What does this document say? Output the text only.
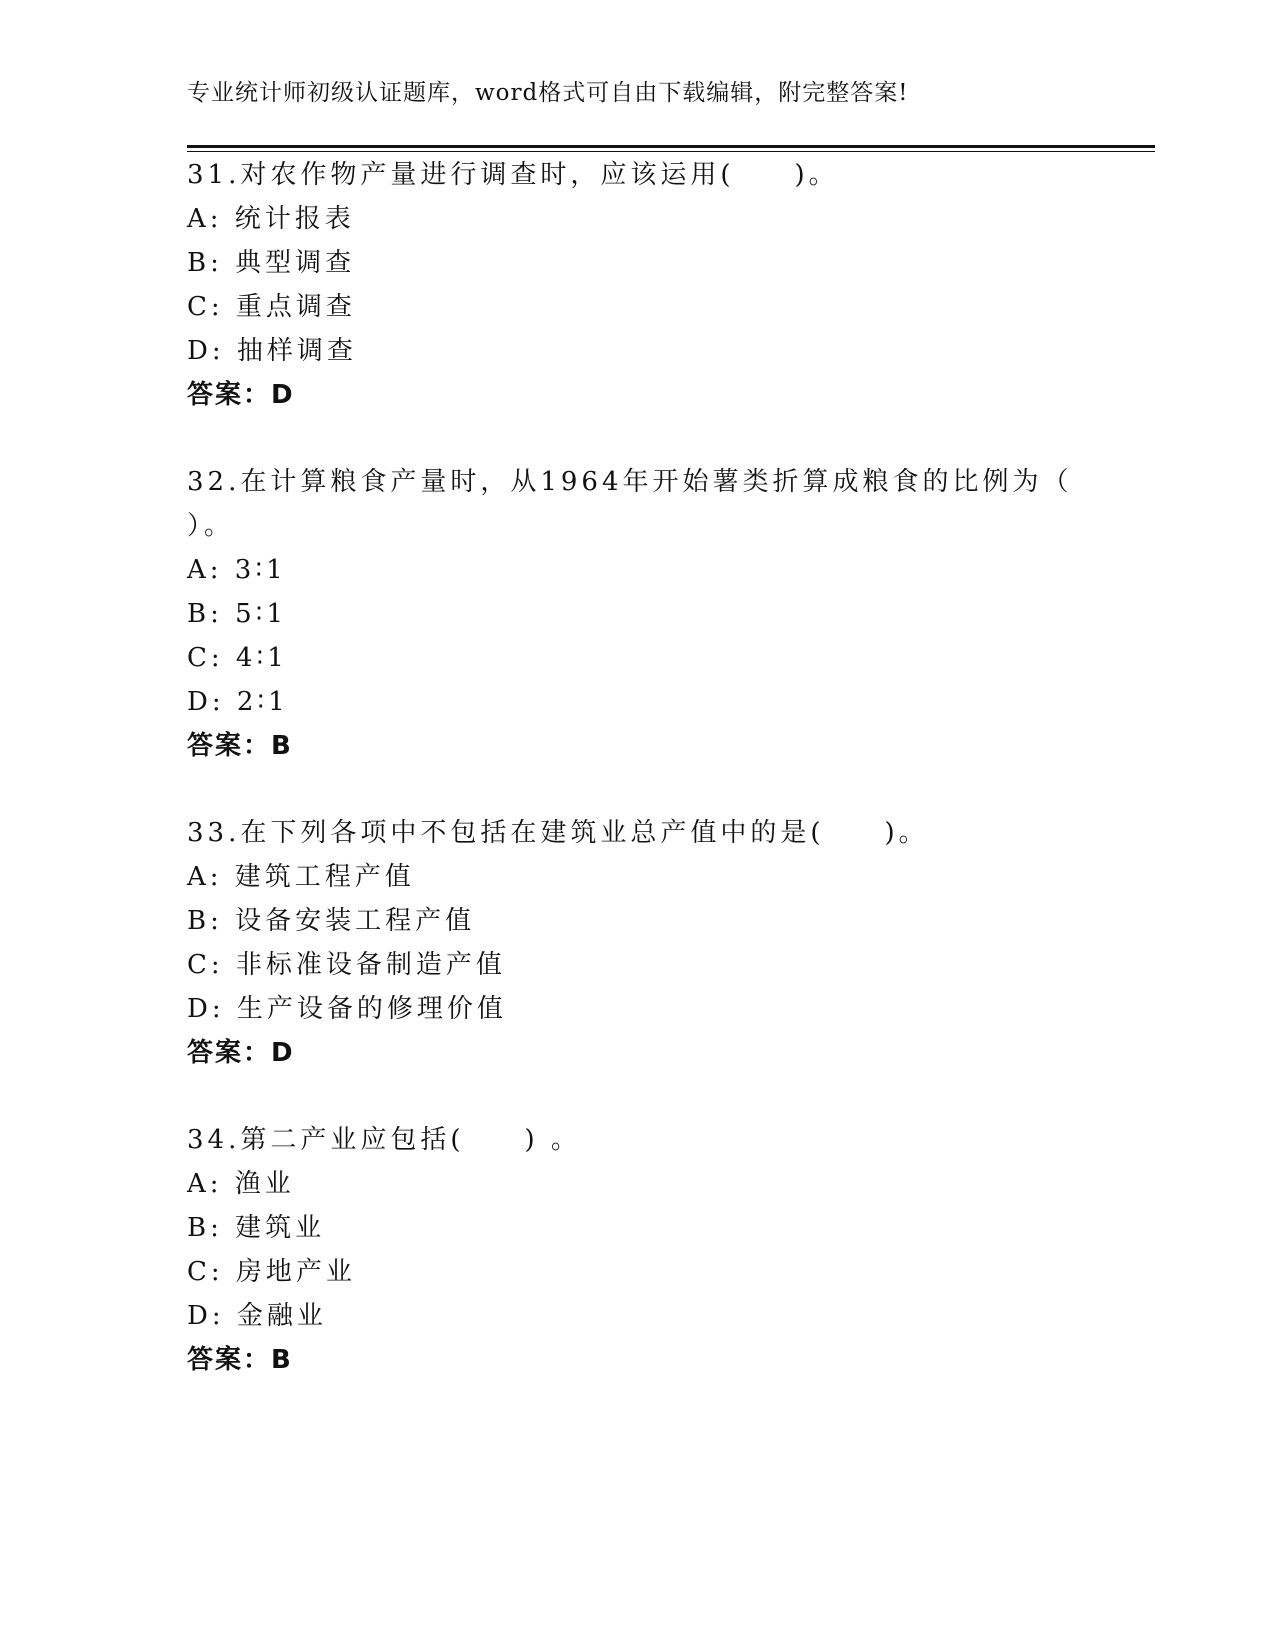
专业统计师初级认证题库，word格式可自由下载编辑，附完整答案!
31.对农作物产量进行调查时，应该运用(　　)。
A: 统计报表
B: 典型调查
C: 重点调查
D: 抽样调查
答案：D
32.在计算粮食产量时，从1964年开始薯类折算成粮食的比例为（
）。
A: 3∶1
B: 5∶1
C: 4∶1
D: 2∶1
答案：B
33.在下列各项中不包括在建筑业总产值中的是(　　)。
A: 建筑工程产值
B: 设备安装工程产值
C: 非标准设备制造产值
D: 生产设备的修理价值
答案：D
34.第二产业应包括(　　) 。
A: 渔业
B: 建筑业
C: 房地产业
D: 金融业
答案：B
